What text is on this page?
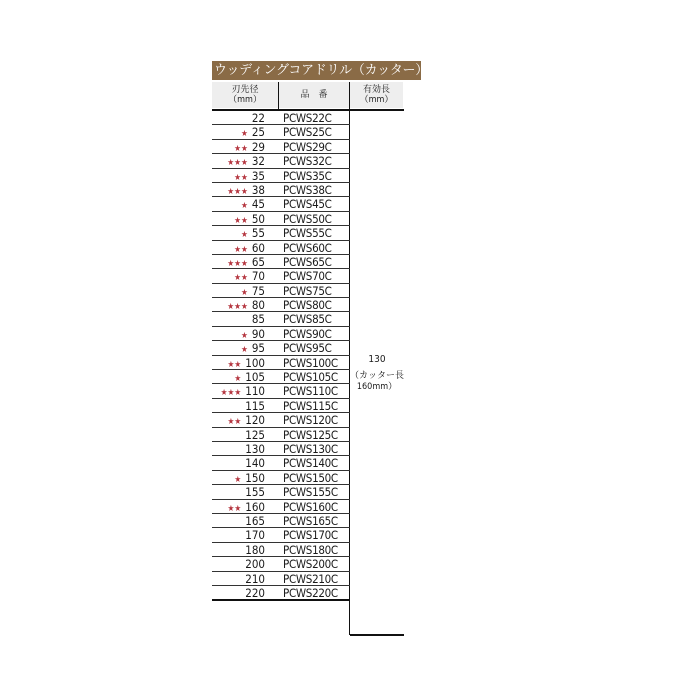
ウッディングコアドリル（カッター）
刃先径
（mm）	品　番	有効長
（mm）
22 PCWS22C
★ 25 PCWS25C
★★ 29 PCWS29C
★★★ 32 PCWS32C
★★ 35 PCWS35C
★★★ 38 PCWS38C
★ 45 PCWS45C
★★ 50 PCWS50C
★ 55 PCWS55C
★★ 60 PCWS60C
★★★ 65 PCWS65C
★★ 70 PCWS70C
★ 75 PCWS75C
★★★ 80 PCWS80C
85 PCWS85C
★ 90 PCWS90C
★ 95 PCWS95C
★★ 100 PCWS100C
★ 105 PCWS105C
★★★ 110 PCWS110C
115 PCWS115C
★★ 120 PCWS120C
125 PCWS125C
130 PCWS130C
140 PCWS140C
★ 150 PCWS150C
155 PCWS155C
★★ 160 PCWS160C
165 PCWS165C
170 PCWS170C
180 PCWS180C
200 PCWS200C
210 PCWS210C
220 PCWS220C
130
（カッター長
160mm）
